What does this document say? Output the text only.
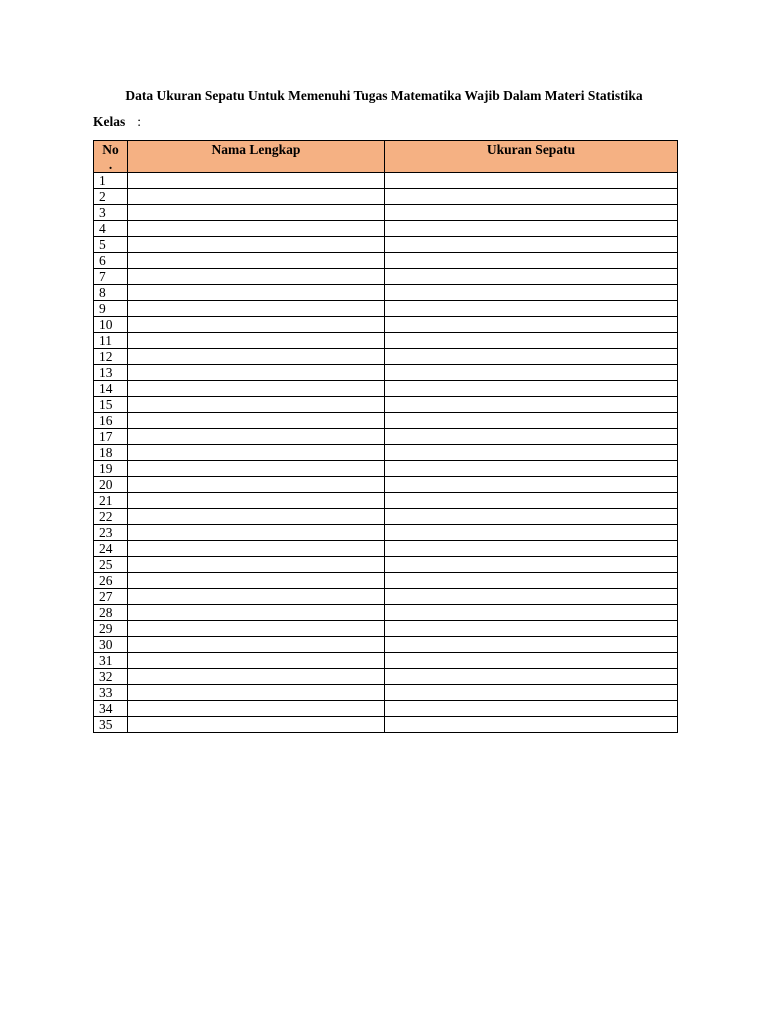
Data Ukuran Sepatu Untuk Memenuhi Tugas Matematika Wajib Dalam Materi Statistika
Kelas :
No
.	Nama Lengkap	Ukuran Sepatu
1		
2		
3		
4		
5		
6		
7		
8		
9		
10		
11		
12		
13		
14		
15		
16		
17		
18		
19		
20		
21		
22		
23		
24		
25		
26		
27		
28		
29		
30		
31		
32		
33		
34		
35		
